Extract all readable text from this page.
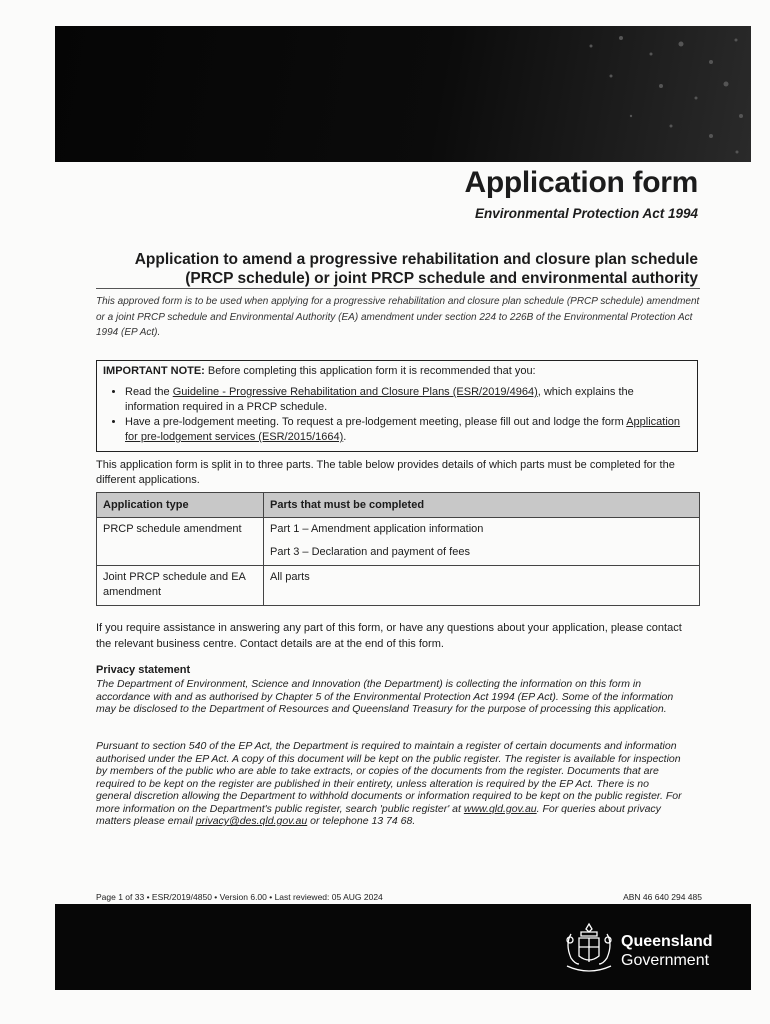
Application form
Environmental Protection Act 1994
Application to amend a progressive rehabilitation and closure plan schedule
(PRCP schedule) or joint PRCP schedule and environmental authority
This approved form is to be used when applying for a progressive rehabilitation and closure plan schedule (PRCP schedule) amendment or a joint PRCP schedule and Environmental Authority (EA) amendment under section 224 to 226B of the Environmental Protection Act 1994 (EP Act).
IMPORTANT NOTE: Before completing this application form it is recommended that you:
• Read the Guideline - Progressive Rehabilitation and Closure Plans (ESR/2019/4964), which explains the information required in a PRCP schedule.
• Have a pre-lodgement meeting. To request a pre-lodgement meeting, please fill out and lodge the form Application for pre-lodgement services (ESR/2015/1664).
This application form is split in to three parts. The table below provides details of which parts must be completed for the different applications.
Application type	Parts that must be completed
PRCP schedule amendment	Part 1 – Amendment application information
Part 3 – Declaration and payment of fees

Joint PRCP schedule and EA amendment	All parts
If you require assistance in answering any part of this form, or have any questions about your application, please contact the relevant business centre. Contact details are at the end of this form.
Privacy statement

The Department of Environment, Science and Innovation (the Department) is collecting the information on this form in accordance with and as authorised by Chapter 5 of the Environmental Protection Act 1994 (EP Act). Some of the information may be disclosed to the Department of Resources and Queensland Treasury for the purpose of processing this application.

Pursuant to section 540 of the EP Act, the Department is required to maintain a register of certain documents and information authorised under the EP Act. A copy of this document will be kept on the public register. The register is available for inspection by members of the public who are able to take extracts, or copies of the documents from the register. Documents that are required to be kept on the register are published in their entirety, unless alteration is required by the EP Act. There is no general discretion allowing the Department to withhold documents or information required to be kept on the public register. For more information on the Department's public register, search 'public register' at www.qld.gov.au. For queries about privacy matters please email privacy@des.qld.gov.au or telephone 13 74 68.

Page 1 of 33 • ESR/2019/4850 • Version 6.00 • Last reviewed: 05 AUG 2024	ABN 46 640 294 485
Queensland
Government
